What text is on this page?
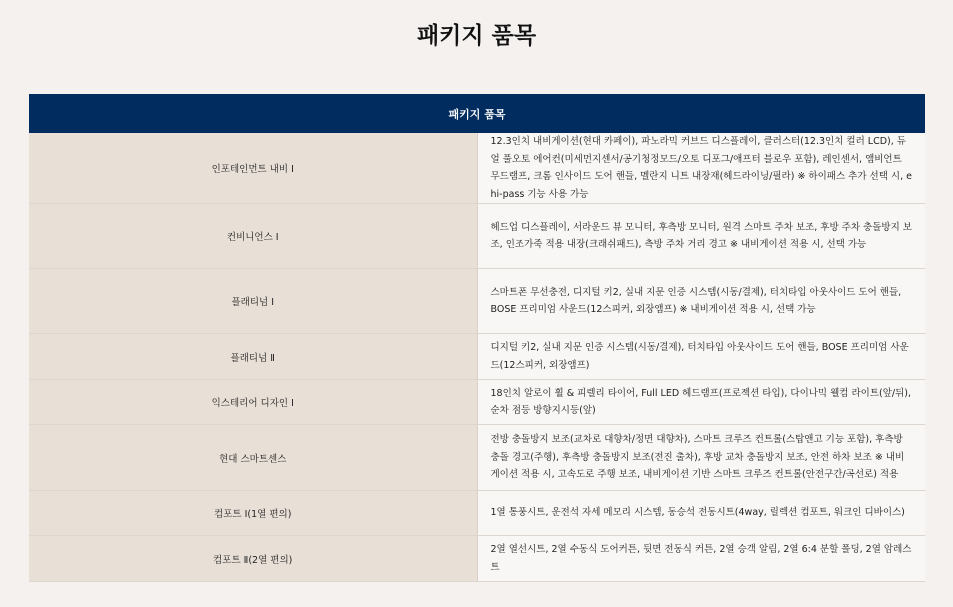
패키지 품목
패키지 품목	
인포테인먼트 내비 Ⅰ	12.3인치 내비게이션(현대 카페이), 파노라믹 커브드 디스플레이, 클러스터(12.3인치 컬러 LCD), 듀얼 풀오토 에어컨(미세먼지센서/공기청정모드/오토 디포그/애프터 블로우 포함), 레인센서, 앰비언트 무드램프, 크롬 인사이드 도어 핸들, 멜란지 니트 내장재(헤드라이닝/필라) ※ 하이패스 추가 선택 시, e hi-pass 기능 사용 가능
컨비니언스 Ⅰ	헤드업 디스플레이, 서라운드 뷰 모니터, 후측방 모니터, 원격 스마트 주차 보조, 후방 주차 충돌방지 보조, 인조가죽 적용 내장(크래쉬패드), 측방 주차 거리 경고 ※ 내비게이션 적용 시, 선택 가능
플래티넘 Ⅰ	스마트폰 무선충전, 디지털 키2, 실내 지문 인증 시스템(시동/결제), 터치타입 아웃사이드 도어 핸들, BOSE 프리미엄 사운드(12스피커, 외장앰프) ※ 내비게이션 적용 시, 선택 가능
플래티넘 Ⅱ	디지털 키2, 실내 지문 인증 시스템(시동/결제), 터치타입 아웃사이드 도어 핸들, BOSE 프리미엄 사운드(12스피커, 외장앰프)
익스테리어 디자인 Ⅰ	18인치 알로이 휠 & 피렐리 타이어, Full LED 헤드램프(프로젝션 타입), 다이나믹 웰컴 라이트(앞/뒤), 순차 점등 방향지시등(앞)
현대 스마트센스	전방 충돌방지 보조(교차로 대향차/정면 대향차), 스마트 크루즈 컨트롤(스탑앤고 기능 포함), 후측방 충돌 경고(주행), 후측방 충돌방지 보조(전진 출차), 후방 교차 충돌방지 보조, 안전 하차 보조 ※ 내비게이션 적용 시, 고속도로 주행 보조, 내비게이션 기반 스마트 크루즈 컨트롤(안전구간/곡선로) 적용
컴포트 Ⅰ(1열 편의)	1열 통풍시트, 운전석 자세 메모리 시스템, 동승석 전동시트(4way, 릴렉션 컴포트, 워크인 디바이스)
컴포트 Ⅱ(2열 편의)	2열 열선시트, 2열 수동식 도어커튼, 뒷면 전동식 커튼, 2열 승객 알림, 2열 6:4 분할 폴딩, 2열 암레스트
